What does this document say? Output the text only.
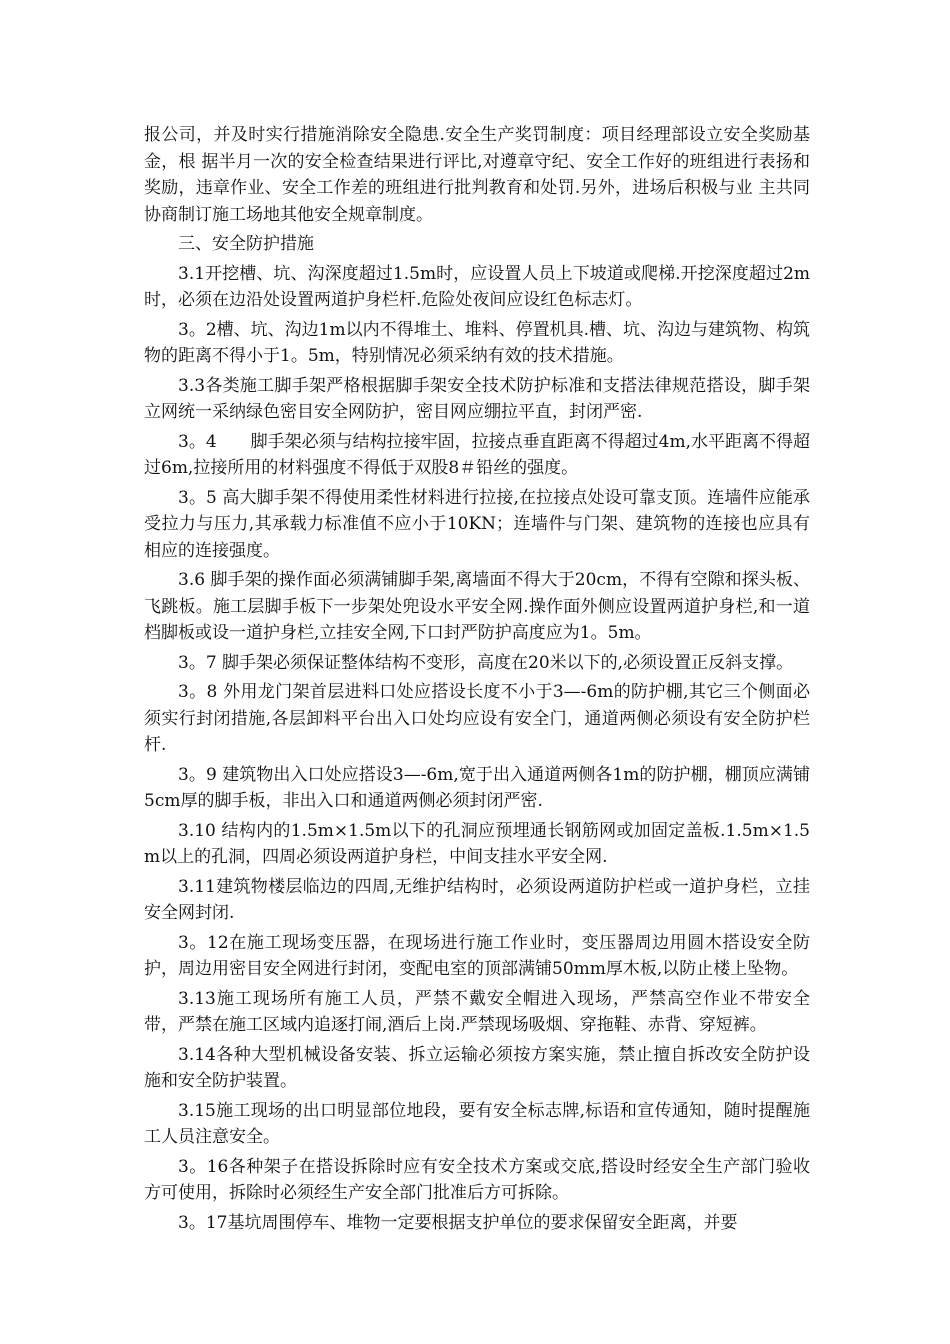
报公司，并及时实行措施消除安全隐患.安全生产奖罚制度：项目经理部设立安全奖励基金，根 据半月一次的安全检查结果进行评比,对遵章守纪、安全工作好的班组进行表扬和奖励，违章作业、安全工作差的班组进行批判教育和处罚.另外，进场后积极与业 主共同协商制订施工场地其他安全规章制度。

三、安全防护措施

3.1开挖槽、坑、沟深度超过1.5m时，应设置人员上下坡道或爬梯.开挖深度超过2m时，必须在边沿处设置两道护身栏杆.危险处夜间应设红色标志灯。

3。2槽、坑、沟边1m以内不得堆土、堆料、停置机具.槽、坑、沟边与建筑物、构筑物的距离不得小于1。5m，特别情况必须采纳有效的技术措施。

3.3各类施工脚手架严格根据脚手架安全技术防护标准和支搭法律规范搭设，脚手架立网统一采纳绿色密目安全网防护，密目网应绷拉平直，封闭严密.

3。4　　脚手架必须与结构拉接牢固，拉接点垂直距离不得超过4m,水平距离不得超过6m,拉接所用的材料强度不得低于双股8＃铅丝的强度。

3。5 高大脚手架不得使用柔性材料进行拉接,在拉接点处设可靠支顶。连墙件应能承受拉力与压力,其承载力标准值不应小于10KN；连墙件与门架、建筑物的连接也应具有相应的连接强度。

3.6 脚手架的操作面必须满铺脚手架,离墙面不得大于20cm，不得有空隙和探头板、飞跳板。施工层脚手板下一步架处兜设水平安全网.操作面外侧应设置两道护身栏,和一道档脚板或设一道护身栏,立挂安全网,下口封严防护高度应为1。5m。

3。7 脚手架必须保证整体结构不变形，高度在20米以下的,必须设置正反斜支撑。

3。8 外用龙门架首层进料口处应搭设长度不小于3—-6m的防护棚,其它三个侧面必须实行封闭措施,各层卸料平台出入口处均应设有安全门，通道两侧必须设有安全防护栏杆.

3。9 建筑物出入口处应搭设3—-6m,宽于出入通道两侧各1m的防护棚，棚顶应满铺5cm厚的脚手板，非出入口和通道两侧必须封闭严密.

3.10 结构内的1.5m×1.5m以下的孔洞应预埋通长钢筋网或加固定盖板.1.5m×1.5m以上的孔洞，四周必须设两道护身栏，中间支挂水平安全网.

3.11建筑物楼层临边的四周,无维护结构时，必须设两道防护栏或一道护身栏，立挂安全网封闭.

3。12在施工现场变压器，在现场进行施工作业时，变压器周边用圆木搭设安全防护，周边用密目安全网进行封闭，变配电室的顶部满铺50mm厚木板,以防止楼上坠物。

3.13施工现场所有施工人员，严禁不戴安全帽进入现场，严禁高空作业不带安全带，严禁在施工区域内追逐打闹,酒后上岗.严禁现场吸烟、穿拖鞋、赤背、穿短裤。

3.14各种大型机械设备安装、拆立运输必须按方案实施，禁止擅自拆改安全防护设施和安全防护装置。

3.15施工现场的出口明显部位地段，要有安全标志牌,标语和宣传通知，随时提醒施工人员注意安全。

3。16各种架子在搭设拆除时应有安全技术方案或交底,搭设时经安全生产部门验收方可使用，拆除时必须经生产安全部门批准后方可拆除。

3。17基坑周围停车、堆物一定要根据支护单位的要求保留安全距离，并要
